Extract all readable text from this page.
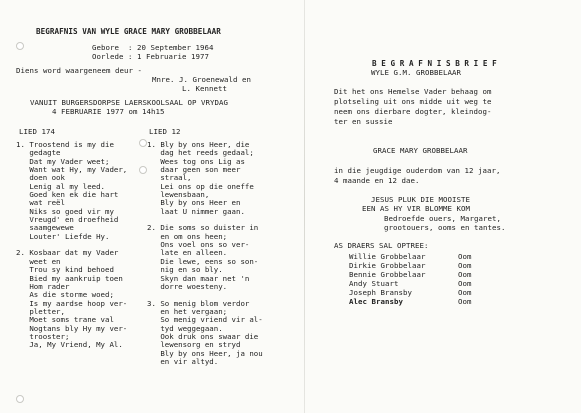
BEGRAFNIS VAN WYLE GRACE MARY GROBBELAAR
Gebore  : 20 September 1964
Oorlede : 1 Februarie 1977
Diens word waargeneem deur -
Mnre. J. Groenewald en
L. Kennett
VANUIT BURGERSDORPSE LAERSKOOLSAAL OP VRYDAG
4 FEBRUARIE 1977 om 14h15
LIED 174
1. Troostend is my die
gedagte
Dat my Vader weet;
Want wat Hy, my Vader,
doen ook
Lenig al my leed.
Goed ken ek die hart
wat reël
Niks so goed vir my
Vreugd' en droefheid
saamgewewe
Louter' Liefde Hy.

2. Kosbaar dat my Vader
weet en
Trou sy kind behoed
Bied my aankruip toen
Hom rader
As die storme woed;
Is my aardse hoop ver-
pletter,
Moet soms trane val
Nogtans bly Hy my ver-
trooster;
Ja, My Vriend, My Al.
LIED 12
1. Bly by ons Heer, die
dag het reeds gedaal;
Wees tog ons Lig as
daar geen son meer
straal,
Lei ons op die oneffe
lewensbaan,
Bly by ons Heer en
laat U nimmer gaan.

2. Die soms so duister in
en om ons heen;
Ons voel ons so ver-
late en alleen.
Die lewe, eens so son-
nig en so bly.
Skyn dan maar net 'n
dorre woesteny.

3. So menig blom verdor
en het vergaan;
So menig vriend vir al-
tyd weggegaan.
Ook druk ons swaar die
lewensorg en stryd
Bly by ons Heer, ja nou
en vir altyd.
B E G R A F N I S B R I E F
WYLE G.M. GROBBELAAR
Dit het ons Hemelse Vader behaag om
plotseling uit ons midde uit weg te
neem ons dierbare dogter, kleindog-
ter en sussie
GRACE MARY GROBBELAAR
in die jeugdige ouderdom van 12 jaar,
4 maande en 12 dae.
JESUS PLUK DIE MOOISTE
EEN AS HY VIR BLOMME KOM
Bedroefde ouers, Margaret,
grootouers, ooms en tantes.
AS DRAERS SAL OPTREE:
Willie Grobbelaar	Oom
Dirkie Grobbelaar	Oom
Bennie Grobbelaar	Oom
Andy Stuart	Oom
Joseph Bransby	Oom
Alec Bransby	Oom
